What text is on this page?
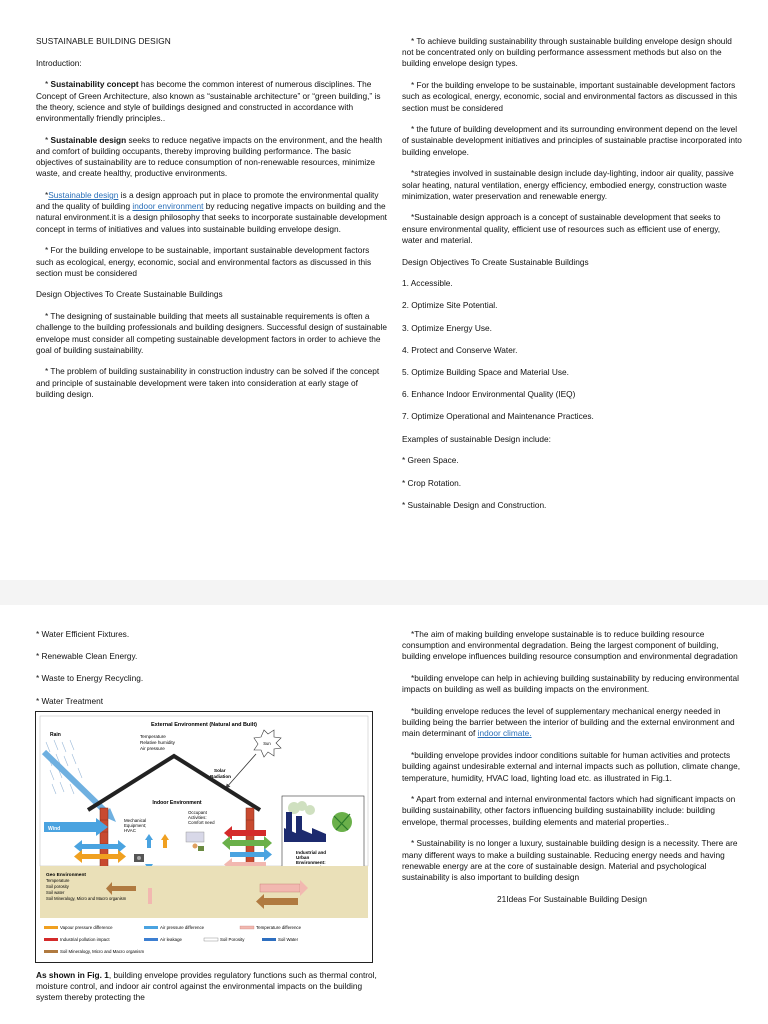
SUSTAINABLE BUILDING DESIGN

Introduction:

* Sustainability concept has become the common interest of numerous disciplines. The Concept of Green Architecture, also known as “sustainable architecture” or “green building,” is the theory, science and style of buildings designed and constructed in accordance with environmentally friendly principles..

* Sustainable design seeks to reduce negative impacts on the environment, and the health and comfort of building occupants, thereby improving building performance. The basic objectives of sustainability are to reduce consumption of non-renewable resources, minimize waste, and create healthy, productive environments.

*Sustainable design is a design approach put in place to promote the environmental quality and the quality of building indoor environment by reducing negative impacts on building and the natural environment.it is a design philosophy that seeks to incorporate sustainable development concept in terms of initiatives and values into sustainable building envelope design.

* For the building envelope to be sustainable, important sustainable development factors such as ecological, energy, economic, social and environmental factors as discussed in this section must be considered

Design Objectives To Create Sustainable Buildings

* The designing of sustainable building that meets all sustainable requirements is often a challenge to the building professionals and building designers. Successful design of sustainable envelope must consider all competing sustainable development factors in order to achieve the goal of building sustainability.

* The problem of building sustainability in construction industry can be solved if the concept and principle of sustainable development were taken into consideration at early stage of building design.

* To achieve building sustainability through sustainable building envelope design should not be concentrated only on building performance assessment methods but also on the building envelope design types.

* For the building envelope to be sustainable, important sustainable development factors such as ecological, energy, economic, social and environmental factors as discussed in this section must be considered

* the future of building development and its surrounding environment depend on the level of sustainable development initiatives and principles of sustainable practise incorporated into building envelope.

*strategies involved in sustainable design include day-lighting, indoor air quality, passive solar heating, natural ventilation, energy efficiency, embodied energy, construction waste minimization, water preservation and renewable energy.

*Sustainable design approach is a concept of sustainable development that seeks to ensure environmental quality, efficient use of resources such as efficient use of energy, water and material.

Design Objectives To Create Sustainable Buildings

1. Accessible.

2. Optimize Site Potential.

3. Optimize Energy Use.

4. Protect and Conserve Water.

5. Optimize Building Space and Material Use.

6. Enhance Indoor Environmental Quality (IEQ)

7. Optimize Operational and Maintenance Practices.

Examples of sustainable Design include:

* Green Space.

* Crop Rotation.

* Sustainable Design and Construction.

* Water Efficient Fixtures.

* Renewable Clean Energy.

* Waste to Energy Recycling.

* Water Treatment

External Environment (Natural and Built)
Rain	Temperature
Relative humidity
Air pressure
Sun
Solar
Radiation
Indoor Environment
Wind
Mechanical
Equipment;
HVAC
Occupant
Activities:
Comfort need
Industrial and
Urban
Environment:
Geo Environment
Temperature
Soil porosity
Soil water
Soil Mineralogy, Micro and Macro organism
Vapour pressure difference	Air pressure difference	Temperature difference
Industrial pollution impact	Air leakage	Soil Porosity	Soil Water
Soil Mineralogy, Micro and Macro organism

As shown in Fig. 1, building envelope provides regulatory functions such as thermal control, moisture control, and indoor air control against the environmental impacts on the building system thereby protecting the

*The aim of making building envelope sustainable is to reduce building resource consumption and environmental degradation. Being the largest component of building, building envelope influences building resource consumption and environmental degradation

*building envelope can help in achieving building sustainability by reducing environmental impacts on building as well as building impacts on the environment.

*building envelope reduces the level of supplementary mechanical energy needed in building being the barrier between the interior of building and the external environment and main determinant of indoor climate.

*building envelope provides indoor conditions suitable for human activities and protects building against undesirable external and internal impacts such as pollution, climate change, temperature, humidity, HVAC load, lighting load etc. as illustrated in Fig.1.

* Apart from external and internal environmental factors which had significant impacts on building sustainability, other factors influencing building sustainability include: building envelope, thermal processes, building elements and material properties..

* Sustainability is no longer a luxury, sustainable building design is a necessity. There are many different ways to make a building sustainable. Reducing energy needs and having renewable energy are at the core of sustainable design. Material and psychological sustainability is also important to building design

21Ideas For Sustainable Building Design
